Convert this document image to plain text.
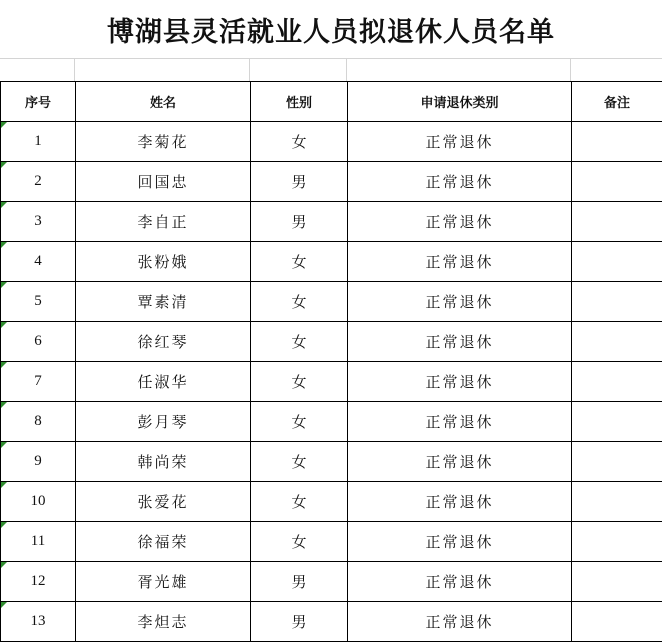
博湖县灵活就业人员拟退休人员名单
序号	姓名	性别	申请退休类别	备注
1	李菊花	女	正常退休	
2	回国忠	男	正常退休	
3	李自正	男	正常退休	
4	张粉娥	女	正常退休	
5	覃素清	女	正常退休	
6	徐红琴	女	正常退休	
7	任淑华	女	正常退休	
8	彭月琴	女	正常退休	
9	韩尚荣	女	正常退休	
10	张爱花	女	正常退休	
11	徐福荣	女	正常退休	
12	胥光雄	男	正常退休	
13	李炟志	男	正常退休	
